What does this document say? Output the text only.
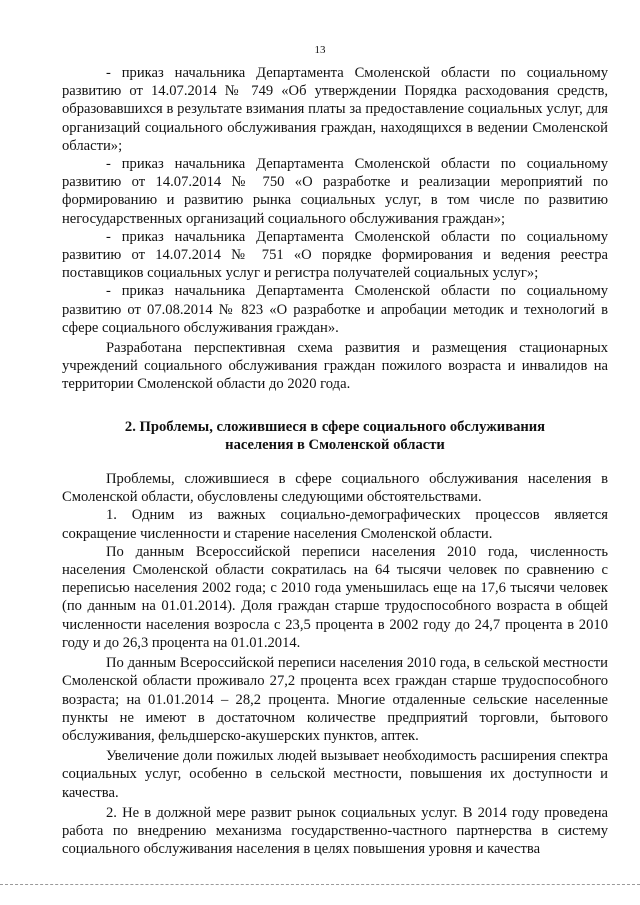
13

- приказ начальника Департамента Смоленской области по социальному развитию от 14.07.2014 № 749 «Об утверждении Порядка расходования средств, образовавшихся в результате взимания платы за предоставление социальных услуг, для организаций социального обслуживания граждан, находящихся в ведении Смоленской области»;

- приказ начальника Департамента Смоленской области по социальному развитию от 14.07.2014 № 750 «О разработке и реализации мероприятий по формированию и развитию рынка социальных услуг, в том числе по развитию негосударственных организаций социального обслуживания граждан»;

- приказ начальника Департамента Смоленской области по социальному развитию от 14.07.2014 № 751 «О порядке формирования и ведения реестра поставщиков социальных услуг и регистра получателей социальных услуг»;

- приказ начальника Департамента Смоленской области по социальному развитию от 07.08.2014 № 823 «О разработке и апробации методик и технологий в сфере социального обслуживания граждан».

Разработана перспективная схема развития и размещения стационарных учреждений социального обслуживания граждан пожилого возраста и инвалидов на территории Смоленской области до 2020 года.

2. Проблемы, сложившиеся в сфере социального обслуживания
населения в Смоленской области

Проблемы, сложившиеся в сфере социального обслуживания населения в Смоленской области, обусловлены следующими обстоятельствами.

1. Одним из важных социально-демографических процессов является сокращение численности и старение населения Смоленской области.

По данным Всероссийской переписи населения 2010 года, численность населения Смоленской области сократилась на 64 тысячи человек по сравнению с переписью населения 2002 года; с 2010 года уменьшилась еще на 17,6 тысячи человек (по данным на 01.01.2014). Доля граждан старше трудоспособного возраста в общей численности населения возросла с 23,5 процента в 2002 году до 24,7 процента в 2010 году и до 26,3 процента на 01.01.2014.

По данным Всероссийской переписи населения 2010 года, в сельской местности Смоленской области проживало 27,2 процента всех граждан старше трудоспособного возраста; на 01.01.2014 – 28,2 процента. Многие отдаленные сельские населенные пункты не имеют в достаточном количестве предприятий торговли, бытового обслуживания, фельдшерско-акушерских пунктов, аптек.

Увеличение доли пожилых людей вызывает необходимость расширения спектра социальных услуг, особенно в сельской местности, повышения их доступности и качества.

2. Не в должной мере развит рынок социальных услуг. В 2014 году проведена работа по внедрению механизма государственно-частного партнерства в систему социального обслуживания населения в целях повышения уровня и качества
